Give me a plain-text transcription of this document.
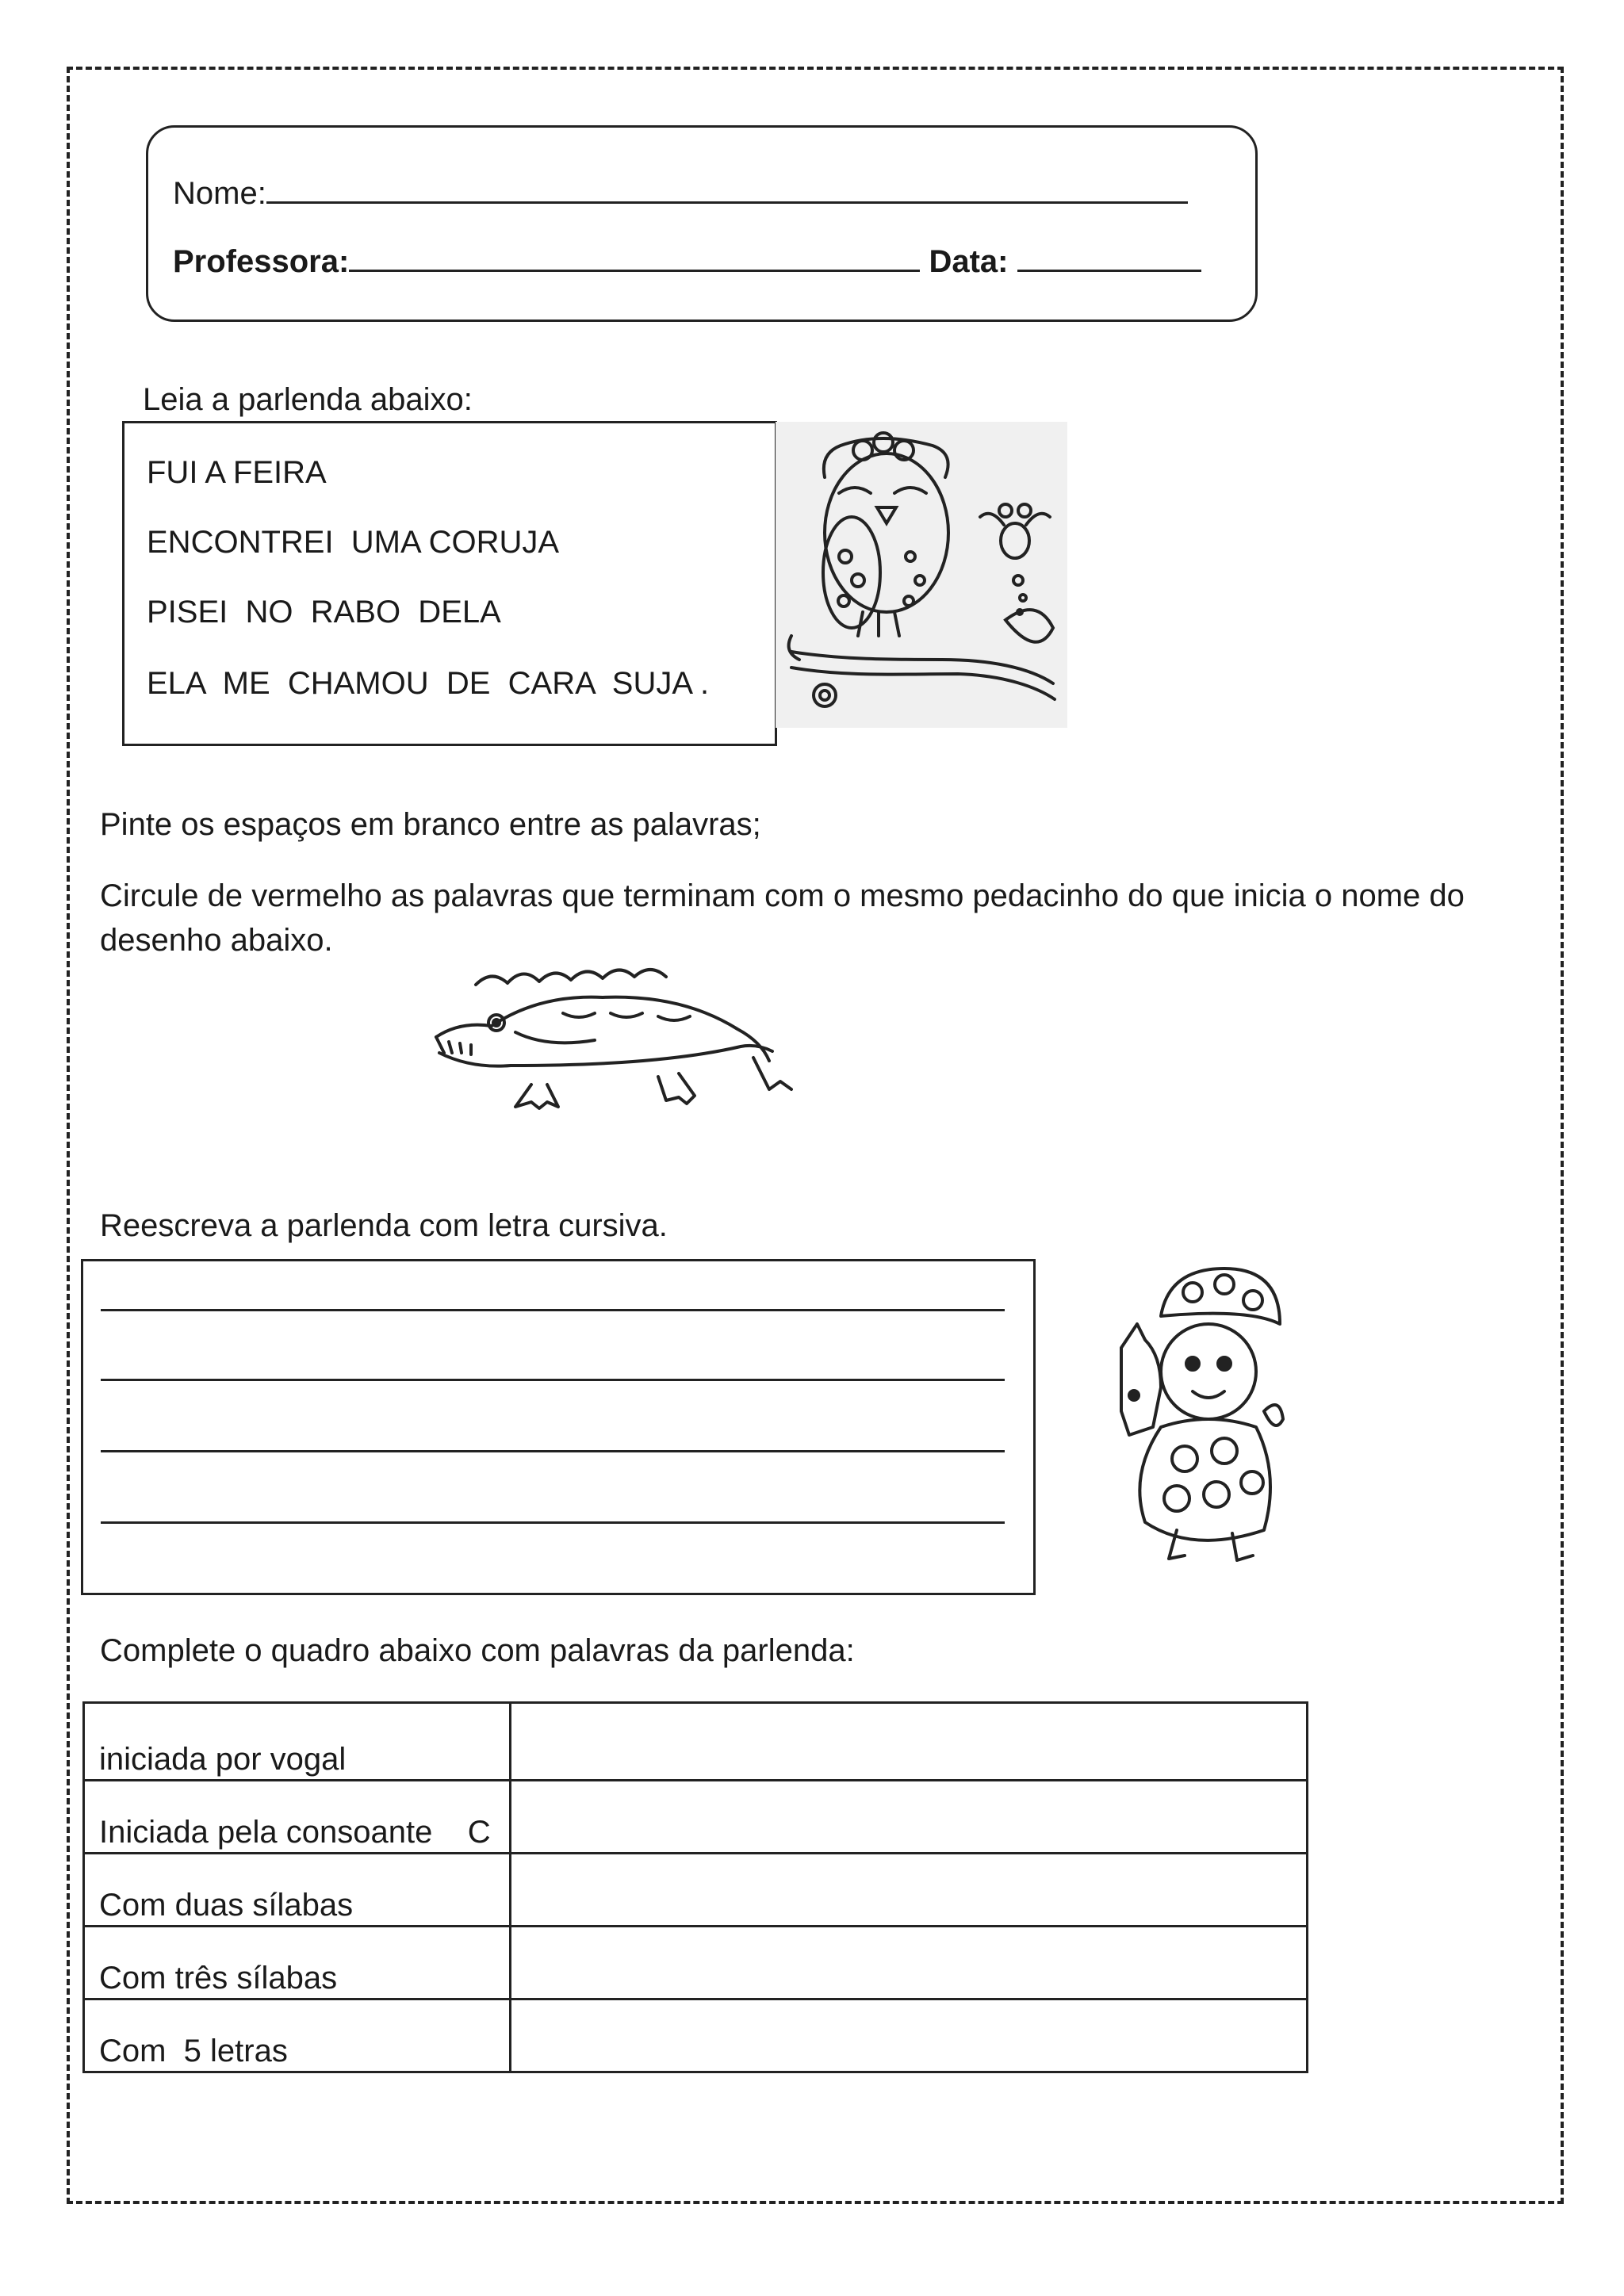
Nome:
Professora:	Data:
Leia a parlenda abaixo:
FUI A FEIRA
ENCONTREI  UMA CORUJA
PISEI  NO  RABO  DELA
ELA  ME  CHAMOU  DE  CARA  SUJA .
Pinte os espaços em branco entre as palavras;
Circule de vermelho as palavras que terminam com o mesmo pedacinho do que inicia o nome do
desenho abaixo.
Reescreva a parlenda com letra cursiva.
Complete o quadro abaixo com palavras da parlenda:
iniciada por vogal	
Iniciada pela consoante    C	
Com duas sílabas	
Com três sílabas	
Com  5 letras	
